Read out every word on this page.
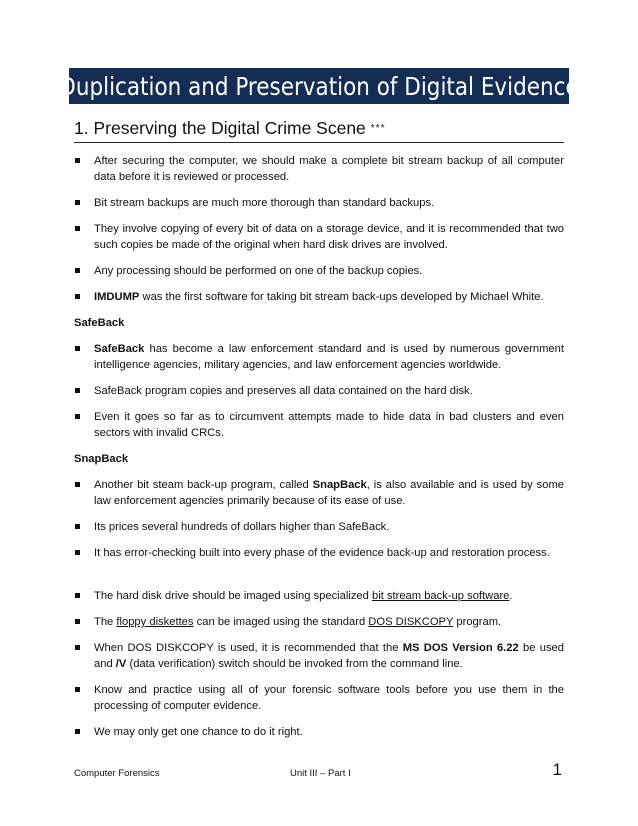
Duplication and Preservation of Digital Evidence
1. Preserving the Digital Crime Scene ***
After securing the computer, we should make a complete bit stream backup of all computer data before it is reviewed or processed.
Bit stream backups are much more thorough than standard backups.
They involve copying of every bit of data on a storage device, and it is recommended that two such copies be made of the original when hard disk drives are involved.
Any processing should be performed on one of the backup copies.
IMDUMP was the first software for taking bit stream back-ups developed by Michael White.
SafeBack
SafeBack has become a law enforcement standard and is used by numerous government intelligence agencies, military agencies, and law enforcement agencies worldwide.
SafeBack program copies and preserves all data contained on the hard disk.
Even it goes so far as to circumvent attempts made to hide data in bad clusters and even sectors with invalid CRCs.
SnapBack
Another bit steam back-up program, called SnapBack, is also available and is used by some law enforcement agencies primarily because of its ease of use.
Its prices several hundreds of dollars higher than SafeBack.
It has error-checking built into every phase of the evidence back-up and restoration process.
The hard disk drive should be imaged using specialized bit stream back-up software.
The floppy diskettes can be imaged using the standard DOS DISKCOPY program.
When DOS DISKCOPY is used, it is recommended that the MS DOS Version 6.22 be used and /V (data verification) switch should be invoked from the command line.
Know and practice using all of your forensic software tools before you use them in the processing of computer evidence.
We may only get one chance to do it right.
Computer Forensics	Unit III – Part I	1
